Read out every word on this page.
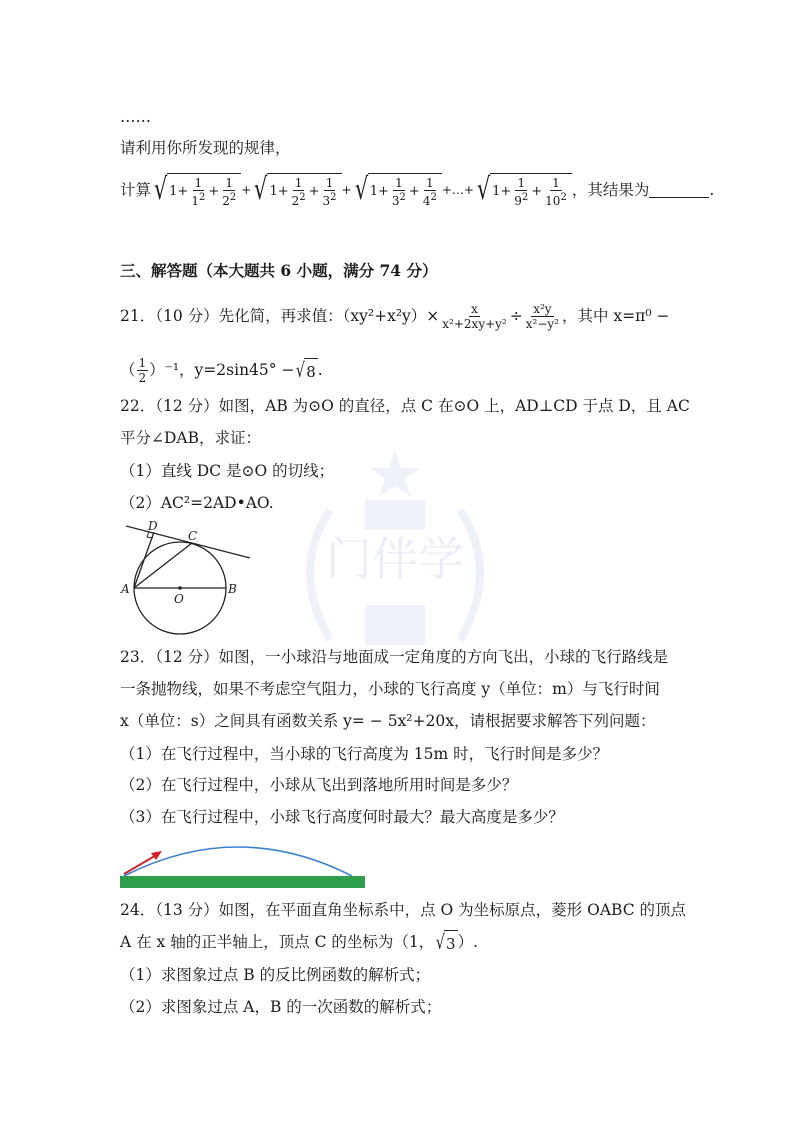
门伴学
……
请利用你所发现的规律，
计算 √ $1+ \frac{1}{1^2} + \frac{1}{2^2}$ + √ $1+ \frac{1}{2^2} + \frac{1}{3^2}$ + √ $1+ \frac{1}{3^2} + \frac{1}{4^2}$ +…+ √ $1+ \frac{1}{9^2} + \frac{1}{10^2}$ ，其结果为	.
三、解答题（本大题共 6 小题，满分 74 分）
21．（10 分）先化简，再求值：$(xy^2+x^2y)\times \frac{x}{\text{x²+2xy+y²}} \div \frac{\text{x²y}}{\text{x²−y²}}$ ，其中 x=π⁰ −
（ $\frac{1}{2} )^{-1}$，y=2sin45° − √ 8 .
22．（12 分）如图，AB 为⊙O 的直径，点 C 在⊙O 上，AD⊥CD 于点 D，且 AC
平分∠DAB，求证：
（1）直线 DC 是⊙O 的切线；
（2）AC²=2AD•AO.
D
C
A
O
B
23．（12 分）如图，一小球沿与地面成一定角度的方向飞出，小球的飞行路线是
一条抛物线，如果不考虑空气阻力，小球的飞行高度 y（单位：m）与飞行时间
x（单位：s）之间具有函数关系 y= − 5x²+20x，请根据要求解答下列问题：
（1）在飞行过程中，当小球的飞行高度为 15m 时，飞行时间是多少？
（2）在飞行过程中，小球从飞出到落地所用时间是多少？
（3）在飞行过程中，小球飞行高度何时最大？最大高度是多少？
24．（13 分）如图，在平面直角坐标系中，点 O 为坐标原点，菱形 OABC 的顶点
A 在 x 轴的正半轴上，顶点 C 的坐标为（1， √ 3 ）.
（1）求图象过点 B 的反比例函数的解析式；
（2）求图象过点 A，B 的一次函数的解析式；
